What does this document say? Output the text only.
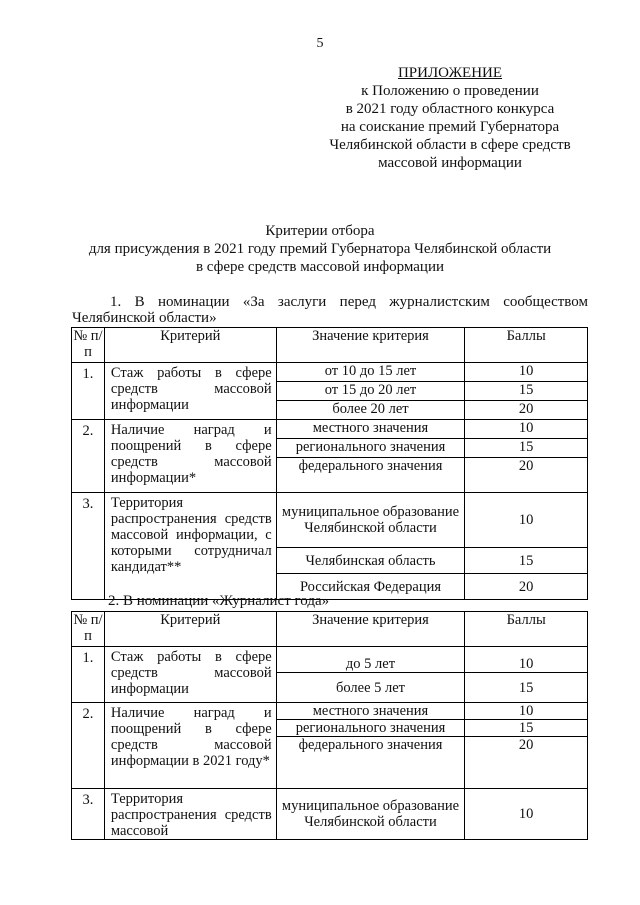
5
ПРИЛОЖЕНИЕ
к Положению о проведении
в 2021 году областного конкурса
на соискание премий Губернатора
Челябинской области в сфере средств
массовой информации
Критерии отбора
для присуждения в 2021 году премий Губернатора Челябинской области
в сфере средств массовой информации
1. В номинации «За заслуги перед журналистским сообществом Челябинской области»
№ п/п	Критерий	Значение критерия	Баллы
1.	Стаж работы в сфере средств массовой информации	от 10 до 15 лет	10
		от 15 до 20 лет	15
		более 20 лет	20
2.	Наличие наград и поощрений в сфере средств массовой информации*	местного значения	10
		регионального значения	15
		федерального значения	20
3.	Территория распространения средств массовой информации, с которыми сотрудничал кандидат**	муниципальное образование Челябинской области	10
		Челябинская область	15
		Российская Федерация	20
2. В номинации «Журналист года»
№ п/п	Критерий	Значение критерия	Баллы
1.	Стаж работы в сфере средств массовой информации	до 5 лет	10
		более 5 лет	15
2.	Наличие наград и поощрений в сфере средств массовой информации в 2021 году*	местного значения	10
		регионального значения	15
		федерального значения	20
3.	Территория распространения средств массовой	муниципальное образование Челябинской области	10
